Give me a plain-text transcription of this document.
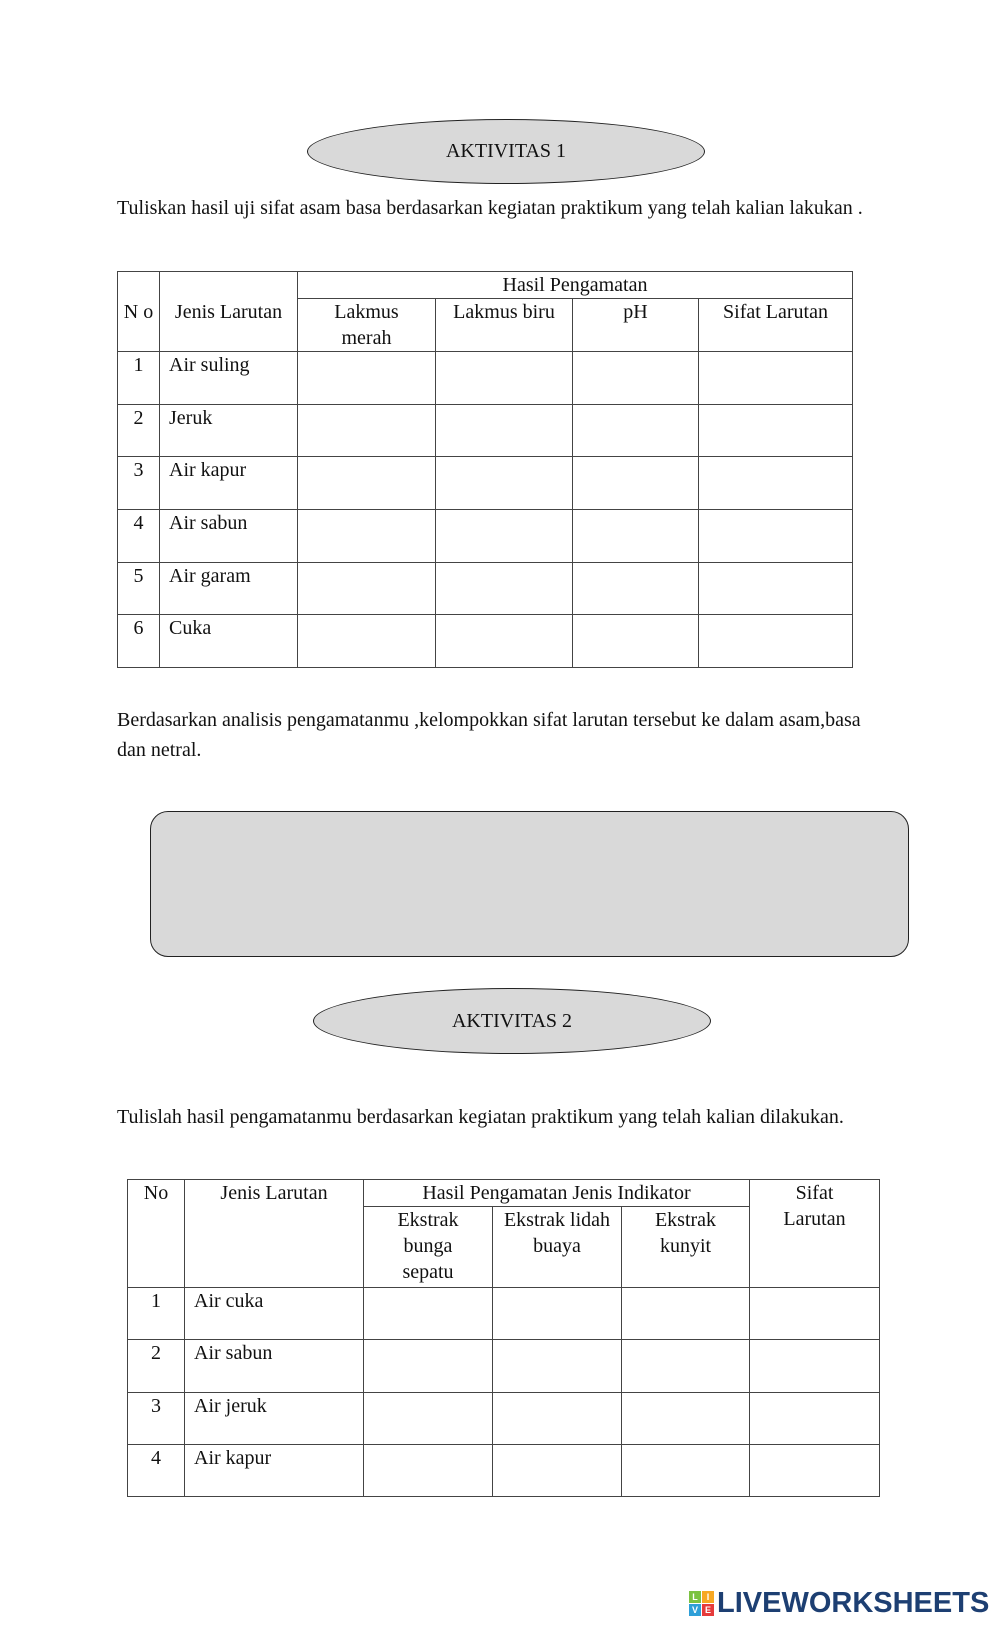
AKTIVITAS 1
Tuliskan hasil uji sifat asam basa berdasarkan kegiatan praktikum yang telah kalian lakukan .
N o	Jenis Larutan	Hasil Pengamatan			
		Lakmus merah	Lakmus biru	pH	Sifat Larutan
1	Air suling				
2	Jeruk				
3	Air kapur				
4	Air sabun				
5	Air garam				
6	Cuka				
Berdasarkan analisis pengamatanmu ,kelompokkan sifat larutan tersebut ke dalam asam,basa dan netral.
AKTIVITAS 2
Tulislah hasil pengamatanmu berdasarkan kegiatan praktikum yang telah kalian dilakukan.
No	Jenis Larutan	Hasil Pengamatan Jenis Indikator			Sifat Larutan
		Ekstrak bunga sepatu	Ekstrak lidah buaya	Ekstrak kunyit	
1	Air cuka				
2	Air sabun				
3	Air jeruk				
4	Air kapur				
L I
V E LIVEWORKSHEETS
